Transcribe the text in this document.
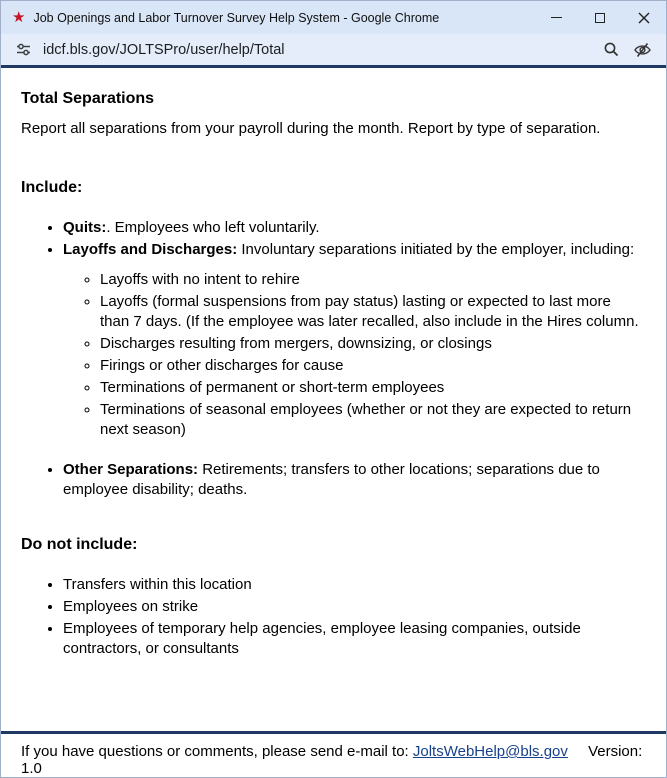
★ Job Openings and Labor Turnover Survey Help System - Google Chrome
idcf.bls.gov/JOLTSPro/user/help/Total
Total Separations

Report all separations from your payroll during the month. Report by type of separation.

Include:
• Quits:. Employees who left voluntarily.
• Layoffs and Discharges: Involuntary separations initiated by the employer, including:
◦ Layoffs with no intent to rehire
◦ Layoffs (formal suspensions from pay status) lasting or expected to last more than 7 days. (If the employee was later recalled, also include in the Hires column.
◦ Discharges resulting from mergers, downsizing, or closings
◦ Firings or other discharges for cause
◦ Terminations of permanent or short-term employees
◦ Terminations of seasonal employees (whether or not they are expected to return next season)
• Other Separations: Retirements; transfers to other locations; separations due to employee disability; deaths.
Do not include:
• Transfers within this location
• Employees on strike
• Employees of temporary help agencies, employee leasing companies, outside contractors, or consultants
If you have questions or comments, please send e-mail to: JoltsWebHelp@bls.gov Version: 1.0
